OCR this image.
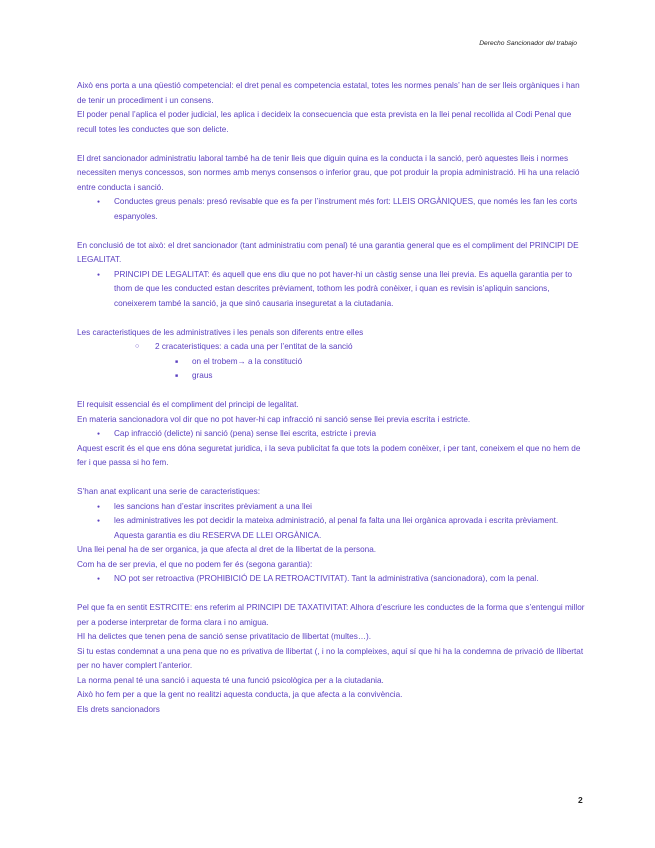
Derecho Sancionador del trabajo

Això ens porta a una qüestió competencial: el dret penal es competencia estatal, totes les normes penals’ han de ser lleis orgàniques i han de tenir un procediment i un consens.

El poder penal l’aplica el poder judicial, les aplica i decideix la consecuencia que esta prevista en la llei penal recollida al Codi Penal que recull totes les conductes que son delicte.

El dret sancionador administratiu laboral també ha de tenir lleis que diguin quina es la conducta i la sanció, però aquestes lleis i normes necessiten menys concessos, son normes amb menys consensos o inferior grau, que pot produir la propia administració. Hi ha una relació entre conducta i sanció.

● Conductes greus penals: presó revisable que es fa per l’instrument més fort: LLEIS ORGÀNIQUES, que només les fan les corts espanyoles.

En conclusió de tot això: el dret sancionador (tant administratiu com penal) té una garantia general que es el compliment del PRINCIPI DE LEGALITAT.

● PRINCIPI DE LEGALITAT: és aquell que ens diu que no pot haver-hi un càstig sense una llei previa. Es aquella garantia per to thom de que les conducted estan descrites prèviament, tothom les podrà conèixer, i quan es revisin is’apliquin sancions, coneixerem també la sanció, ja que sinó causaria inseguretat a la ciutadania.

Les caracteristiques de les administratives i les penals son diferents entre elles

○ 2 cracateristiques: a cada una per l’entitat de la sanció
■ on el trobem→ a la constitució
■ graus

El requisit essencial és el compliment del principi de legalitat.

En materia sancionadora vol dir que no pot haver-hi cap infracció ni sanció sense llei previa escrita i estricte.

● Cap infracció (delicte) ni sanció (pena) sense llei escrita, estricte i previa

Aquest escrit és el que ens dóna seguretat juridica, i la seva publicitat fa que tots la podem conèixer, i per tant, coneixem el que no hem de fer i que passa si ho fem.

S’han anat explicant una serie de caracteristiques:

● les sancions han d’estar inscrites prèviament a una llei
● les administratives les pot decidir la mateixa administració, al penal fa falta una llei orgànica aprovada i escrita prèviament. Aquesta garantia es diu RESERVA DE LLEI ORGÀNICA.

Una llei penal ha de ser organica, ja que afecta al dret de la llibertat de la persona.

Com ha de ser previa, el que no podem fer és (segona garantia):

● NO pot ser retroactiva (PROHIBICIÓ DE LA RETROACTIVITAT). Tant la administrativa (sancionadora), com la penal.

Pel que fa en sentit ESTRCITE: ens referim al PRINCIPI DE TAXATIVITAT: Alhora d’escriure les conductes de la forma que s’entengui millor per a poderse interpretar de forma clara i no amigua.

HI ha delictes que tenen pena de sanció sense privatitacio de llibertat (multes…).

Si tu estas condemnat a una pena que no es privativa de llibertat (, i no la compleixes, aquí sí que hi ha la condemna de privació de llibertat per no haver complert l’anterior.

La norma penal té una sanció i aquesta té una funció psicològica per a la ciutadania.

Això ho fem per a que la gent no realitzi aquesta conducta, ja que afecta a la convivència.

Els drets sancionadors

2
